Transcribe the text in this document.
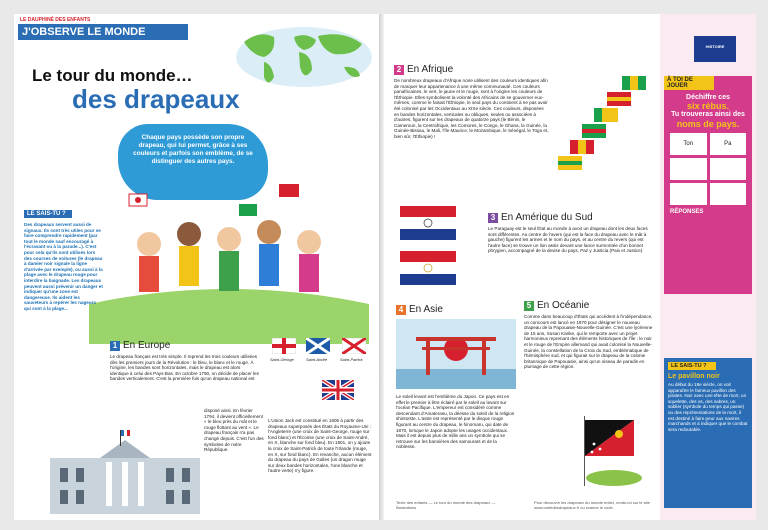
LE DAUPHINÉ DES ENFANTS
J'OBSERVE LE MONDE
Le tour du monde…
des drapeaux
Chaque pays possède son propre drapeau, qui lui permet, grâce à ses couleurs et parfois son emblème, de se distinguer des autres pays.
LE SAIS-TU ?
Des drapeaux servent aussi de signaux. Ils sont très utiles pour se faire comprendre rapidement (par tout le monde sauf encouragé à l'écrasant ou à la parade...). C'est pour cela qu'ils sont utilisés lors des courses de voitures (le drapeau à damier noir signale la ligne d'arrivée par exemple), ou aussi à la plage avec le drapeau rouge pour interdire la baignade. Les drapeaux peuvent aussi prévenir un danger et indiquer qu'une zone est dangereuse. Ils aident les sauveteurs à repérer les nageurs qui sont à la plage...
1 En Europe
Le drapeau français est très simple. Il reprend les trois couleurs utilisées dès les premiers jours de la Révolution : le bleu, le blanc et le rouge. À l'origine, les bandes sont horizontales, mais le drapeau est alors identique à celui des Pays-Bas. En octobre 1790, on décide de placer les bandes verticalement. C'est la première fois qu'un drapeau national est
disposé ainsi. En février 1794, il devient officiellement « le bleu près du mât et le rouge flottant au vent ». Le drapeau français n'a pas changé depuis. C'est l'un des symboles de notre République.
Saint-George	Saint-André	Saint-Patrick
L'Union Jack est constitué en 1606 à partir des drapeaux superposés des États du Royaume-Uni : l'Angleterre (une croix de Saint-George, rouge sur fond blanc) et l'Écosse (une croix de Saint-André, en X, blanche sur fond bleu). En 1801, on y ajoute la croix de Saint-Patrick de toute l'Irlande (rouge, en X, sur fond blanc). En revanche, aucun élément du drapeau du pays de Galles (un dragon rouge sur deux bandes horizontales, l'une blanche et l'autre verte) n'y figure.
2 En Afrique
De nombreux drapeaux d'Afrique noire utilisent des couleurs identiques afin de marquer leur appartenance à une même communauté. Ces couleurs panafricaines, le vert, le jaune et le rouge, sont à l'origine les couleurs de l'Éthiopie. Elles symbolisent la volonté des Africains de se gouverner eux-mêmes, comme le faisait l'Éthiopie, le seul pays du continent à ne pas avoir été colonisé par les Occidentaux au XIXe siècle. Ces couleurs, disposées en bandes horizontales, verticales ou obliques, seules ou associées à d'autres, figurent sur les drapeaux de quatorze pays (le Bénin, le Cameroun, la Centrafrique, les Comores, le Congo, le Ghana, la Guinée, la Guinée-Bissau, le Mali, l'île Maurice, le Mozambique, le Sénégal, le Togo et, bien sûr, l'Éthiopie) !

3 En Amérique du Sud
Le Paraguay est le seul État au monde à avoir un drapeau dont les deux faces sont différentes. Au centre de l'avers (qui est la face du drapeau avec le mât à gauche) figurent les armes et le nom du pays, et au centre du revers (qui est l'autre face) se trouve un lion assis devant une lance surmontée d'un bonnet phrygien, accompagné de la devise du pays, Paz y Justicia (Paix et Justice).
4 En Asie
Le soleil levant est l'emblème du Japon. Ce pays est en effet le premier à être éclairé par le soleil au levant sur l'océan Pacifique. L'empereur est considéré comme descendant d'Amaterasu, la déesse du soleil de la religion shintoïste. L'astre est représenté par le disque rouge figurant au centre du drapeau, le hinomaru, qui date de 1870, lorsque le Japon adopte les usages occidentaux. Mais il est depuis plus de mille ans un symbole qui se retrouve sur les bannières des samouraïs et de la noblesse.
5 En Océanie
Comme dans beaucoup d'États qui accèdent à l'indépendance, un concours est lancé en 1970 pour désigner le nouveau drapeau de la Papouasie-Nouvelle-Guinée. C'est une lycéenne de 15 ans, Susan Karike, qui le remporte avec un projet harmonieux reprenant des éléments historiques de l'île : le noir et le rouge de l'Empire allemand qui avait colonisé la Nouvelle-Guinée, la constellation de la Croix du Sud, emblématique de l'hémisphère sud, et qui figurait sur le drapeau de la colonie britannique de Papouasie, ainsi qu'un oiseau de paradis en plumage de cette région.
HISTOIRE
À TOI DE JOUER
Déchiffre ces
six rébus.
Tu trouveras ainsi des
noms de pays.
Ton	Pa
RÉPONSES
LE SAIS-TU ?
Le pavillon noir
Au début du 18e siècle, on voit apparaître le fameux pavillon des pirates. Noir avec une tête de mort, un squelette, des os, des sabres, un sablier (symbole du temps qui passe) ou des représentations de la mort, il est destiné à faire peur aux navires marchands et à indiquer que le combat sera redoutable.
Texte des enfants — Le tour du monde des drapeaux — Illustrations
Pour découvrir les drapeaux du monde entier, rends-toi sur le site www.cartedesdrapeaux.fr ou scanne le code.
